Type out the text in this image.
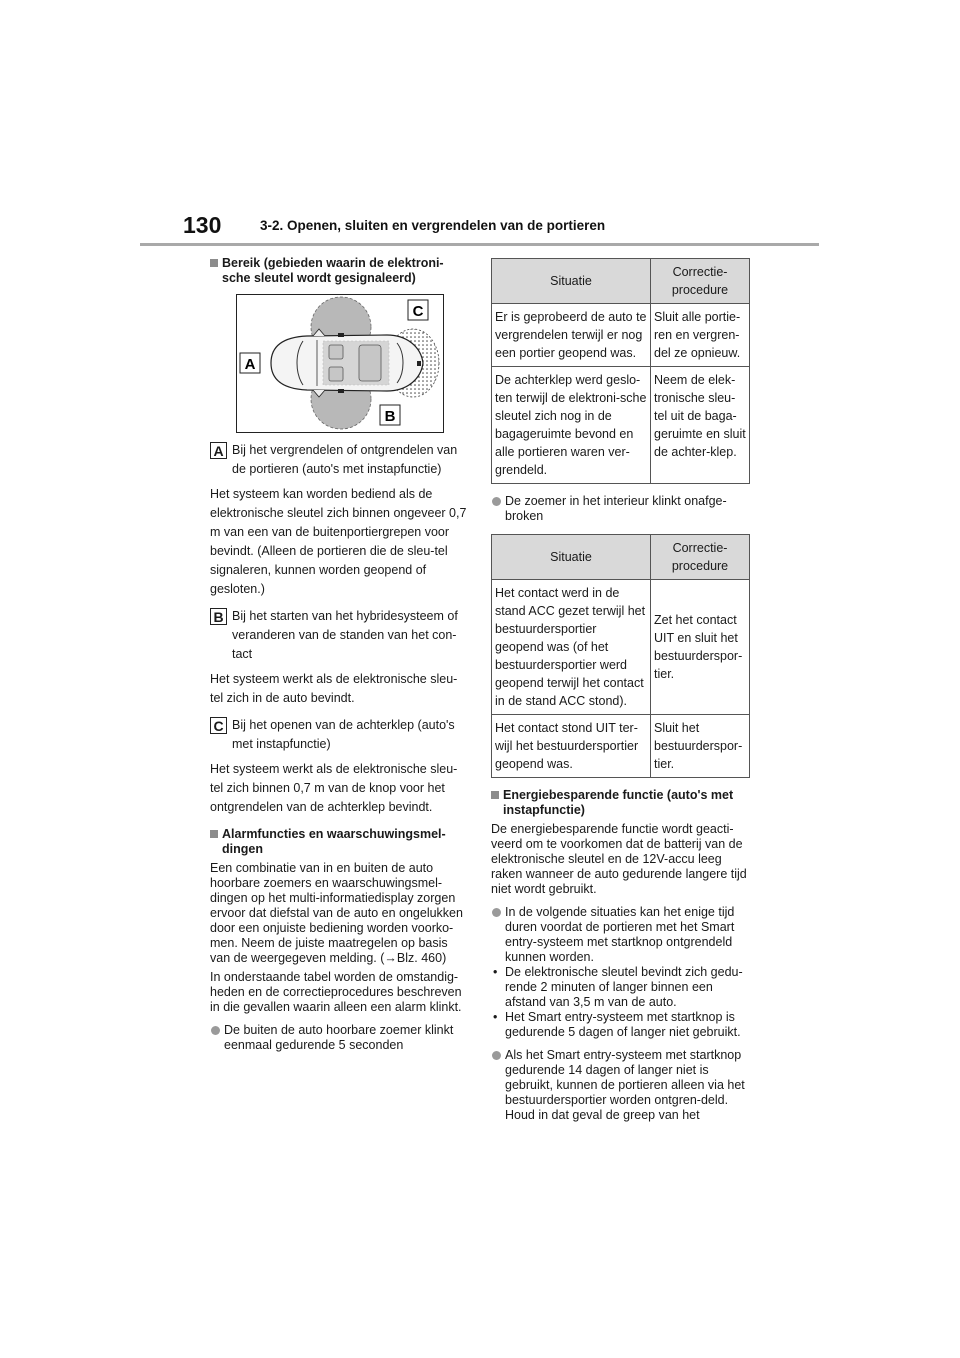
130	3-2. Openen, sluiten en vergrendelen van de portieren

Bereik (gebieden waarin de elektroni-sche sleutel wordt gesignaleerd)

A
B
C

A Bij het vergrendelen of ontgrendelen van de portieren (auto's met instapfunctie)

Het systeem kan worden bediend als de elektronische sleutel zich binnen ongeveer 0,7 m van een van de buitenportiergrepen voor bevindt. (Alleen de portieren die de sleu-tel signaleren, kunnen worden geopend of gesloten.)

B Bij het starten van het hybridesysteem of veranderen van de standen van het con-tact

Het systeem werkt als de elektronische sleu-tel zich in de auto bevindt.

C Bij het openen van de achterklep (auto's met instapfunctie)

Het systeem werkt als de elektronische sleu-tel zich binnen 0,7 m van de knop voor het ontgrendelen van de achterklep bevindt.

Alarmfuncties en waarschuwingsmel-dingen

Een combinatie van in en buiten de auto hoorbare zoemers en waarschuwingsmel-dingen op het multi-informatiedisplay zorgen ervoor dat diefstal van de auto en ongelukken door een onjuiste bediening worden voorko-men. Neem de juiste maatregelen op basis van de weergegeven melding. (→Blz. 460)

In onderstaande tabel worden de omstandig-heden en de correctieprocedures beschreven in die gevallen waarin alleen een alarm klinkt.

De buiten de auto hoorbare zoemer klinkt eenmaal gedurende 5 seconden

Situatie	Correctie-procedure
Er is geprobeerd de auto te vergrendelen terwijl er nog een portier geopend was.	Sluit alle portie-ren en vergren-del ze opnieuw.
De achterklep werd geslo-ten terwijl de elektroni-sche sleutel zich nog in de bagageruimte bevond en alle portieren waren ver-grendeld.	Neem de elek-tronische sleu-tel uit de baga-geruimte en sluit de achter-klep.

De zoemer in het interieur klinkt onafge-broken

Situatie	Correctie-procedure
Het contact werd in de stand ACC gezet terwijl het bestuurdersportier geopend was (of het bestuurdersportier werd geopend terwijl het contact in de stand ACC stond).	Zet het contact UIT en sluit het bestuurderspor-tier.
Het contact stond UIT ter-wijl het bestuurdersportier geopend was.	Sluit het bestuurderspor-tier.

Energiebesparende functie (auto's met instapfunctie)

De energiebesparende functie wordt geacti-veerd om te voorkomen dat de batterij van de elektronische sleutel en de 12V-accu leeg raken wanneer de auto gedurende langere tijd niet wordt gebruikt.

In de volgende situaties kan het enige tijd duren voordat de portieren met het Smart entry-systeem met startknop ontgrendeld kunnen worden.

• De elektronische sleutel bevindt zich gedu-rende 2 minuten of langer binnen een afstand van 3,5 m van de auto.

• Het Smart entry-systeem met startknop is gedurende 5 dagen of langer niet gebruikt.

Als het Smart entry-systeem met startknop gedurende 14 dagen of langer niet is gebruikt, kunnen de portieren alleen via het bestuurdersportier worden ontgren-deld. Houd in dat geval de greep van het
